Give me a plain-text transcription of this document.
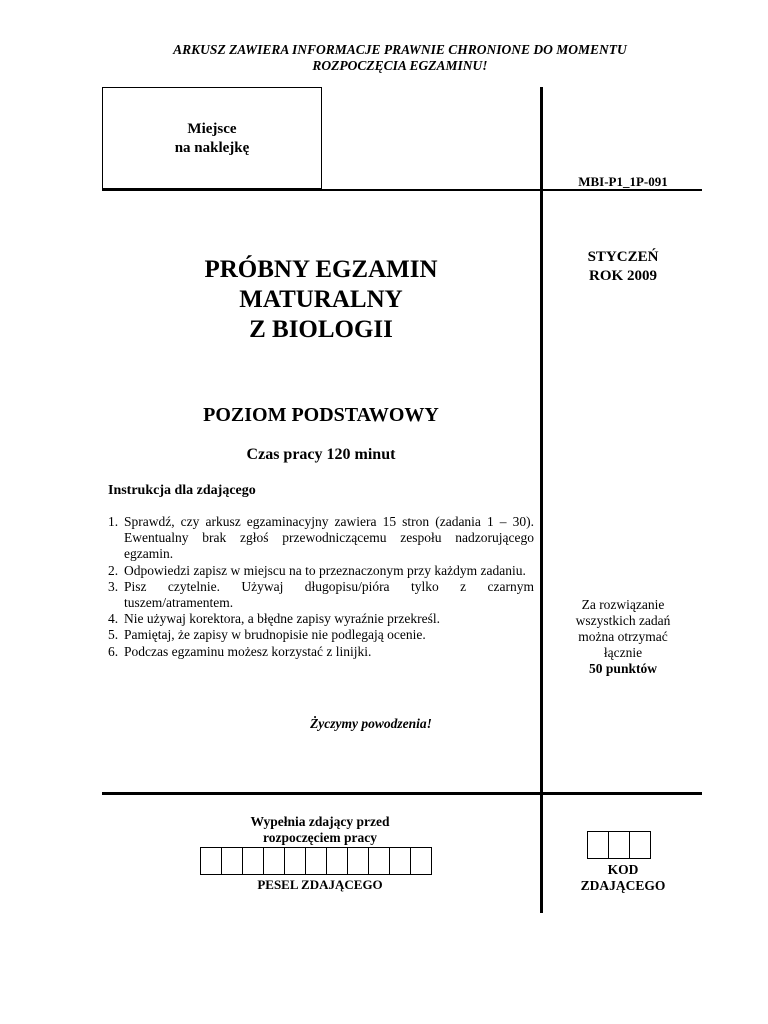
ARKUSZ ZAWIERA INFORMACJE PRAWNIE CHRONIONE DO MOMENTU
ROZPOCZĘCIA EGZAMINU!
Miejsce
na naklejkę
MBI-P1_1P-091
STYCZEŃ
ROK 2009
PRÓBNY EGZAMIN
MATURALNY
Z BIOLOGII
POZIOM PODSTAWOWY
Czas pracy 120 minut
Instrukcja dla zdającego
1. Sprawdź, czy arkusz egzaminacyjny zawiera 15 stron (zadania 1 – 30). Ewentualny brak zgłoś przewodniczącemu zespołu nadzorującego egzamin.
2. Odpowiedzi zapisz w miejscu na to przeznaczonym przy każdym zadaniu.
3. Pisz czytelnie. Używaj długopisu/pióra tylko z czarnym tuszem/atramentem.
4. Nie używaj korektora, a błędne zapisy wyraźnie przekreśl.
5. Pamiętaj, że zapisy w brudnopisie nie podlegają ocenie.
6. Podczas egzaminu możesz korzystać z linijki.
Życzymy powodzenia!
Za rozwiązanie
wszystkich zadań
można otrzymać
łącznie
50 punktów
Wypełnia zdający przed
rozpoczęciem pracy
PESEL ZDAJĄCEGO
KOD
ZDAJĄCEGO
